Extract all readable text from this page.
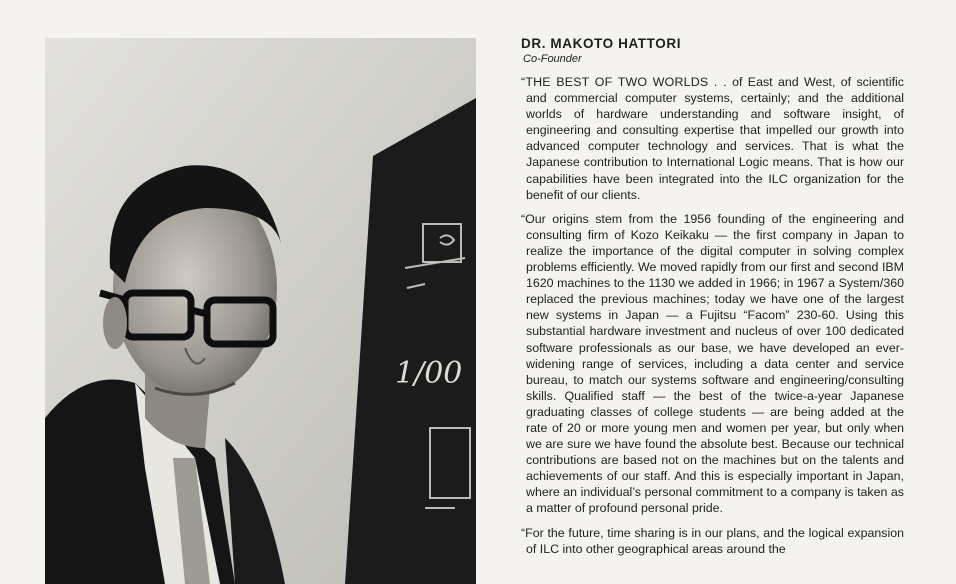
1/00
DR. MAKOTO HATTORI
Co-Founder

“THE BEST OF TWO WORLDS . . of East and West, of scientific and commercial computer systems, certainly; and the additional worlds of hardware understanding and software insight, of engineering and consulting expertise that impelled our growth into advanced computer technology and services. That is what the Japanese contribution to International Logic means. That is how our capabilities have been integrated into the ILC organization for the benefit of our clients.

“Our origins stem from the 1956 founding of the engineering and consulting firm of Kozo Keikaku — the first company in Japan to realize the importance of the digital computer in solving complex problems efficiently. We moved rapidly from our first and second IBM 1620 machines to the 1130 we added in 1966; in 1967 a System/360 replaced the previous machines; today we have one of the largest new systems in Japan — a Fujitsu “Facom” 230-60. Using this substantial hardware investment and nucleus of over 100 dedicated software professionals as our base, we have developed an ever-widening range of services, including a data center and service bureau, to match our systems software and engineering/consulting skills. Qualified staff — the best of the twice-a-year Japanese graduating classes of college students — are being added at the rate of 20 or more young men and women per year, but only when we are sure we have found the absolute best. Because our technical contributions are based not on the machines but on the talents and achievements of our staff. And this is especially important in Japan, where an individual’s personal commitment to a company is taken as a matter of profound personal pride.

“For the future, time sharing is in our plans, and the logical expansion of ILC into other geographical areas around the
